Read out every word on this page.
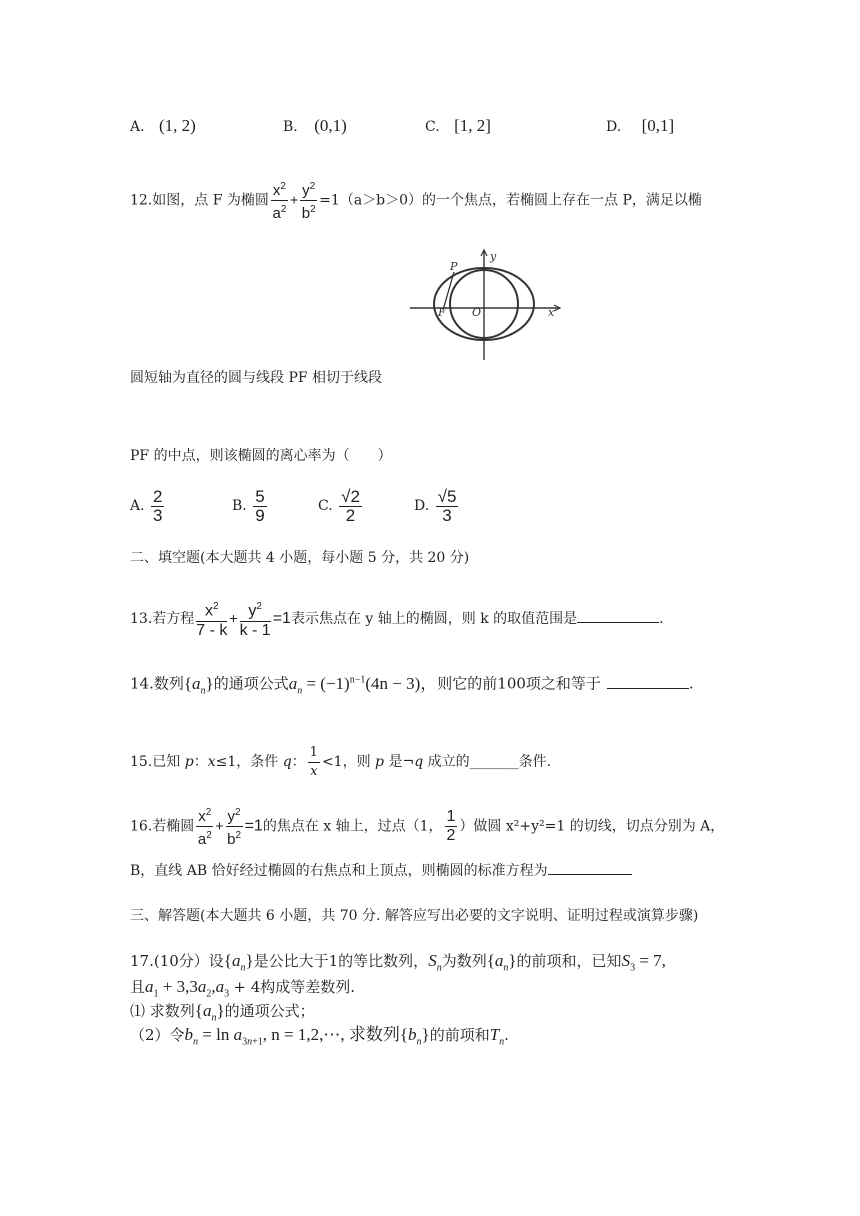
A. (1, 2)	B. (0,1)	C. [1, 2]	D. [0,1]
12.如图，点 F 为椭圆 $\frac{x^2}{a^2} + \frac{y^2}{b^2} =1(a>b>0)$的一个焦点，若椭圆上存在一点 P，满足以椭
y
x
P
F O
圆短轴为直径的圆与线段 PF 相切于线段
PF 的中点，则该椭圆的离心率为（　　）
A. $\frac{2}{3}$	B. $\frac{5}{9}$	C. $\frac{√2}{2}$	D. $\frac{√5}{3}$
二、填空题(本大题共 4 小题，每小题 5 分，共 20 分)
13.若方程 $\frac{x^2}{7 - k} + \frac{y^2}{k - 1} =1$表示焦点在 y 轴上的椭圆，则 k 的取值范围是	.
14.数列$\{a_n\}$的通项公式$a_n = (-1)^{n-1}(4n - 3)$，则它的前100项之和等于	.
15.已知 p：x≤1，条件 q： $\frac{1}{x} <1$，则 p 是¬q 成立的_______条件.
16.若椭圆 $\frac{x^2}{a^2} + \frac{y^2}{b^2} =1$的焦点在 x 轴上，过点（1， $\frac{1}{2}$ ）做圆 x²+y²=1 的切线，切点分别为 A，
B，直线 AB 恰好经过椭圆的右焦点和上顶点，则椭圆的标准方程为
三、解答题(本大题共 6 小题，共 70 分. 解答应写出必要的文字说明、证明过程或演算步骤)
17.(10分）设$\{a_n\}$是公比大于1的等比数列，$S_n$为数列$\{a_n\}$的前项和，已知$S_3 = 7$,
且$a_1 + 3,3a_2,a_3 + 4$构成等差数列.
⑴ 求数列$\{a_n\}$的通项公式；
（2）令$b_n = \ln a_{3n+1}$, n = 1,2,⋯, 求数列$\{b_n\}$的前项和$T_n$.
